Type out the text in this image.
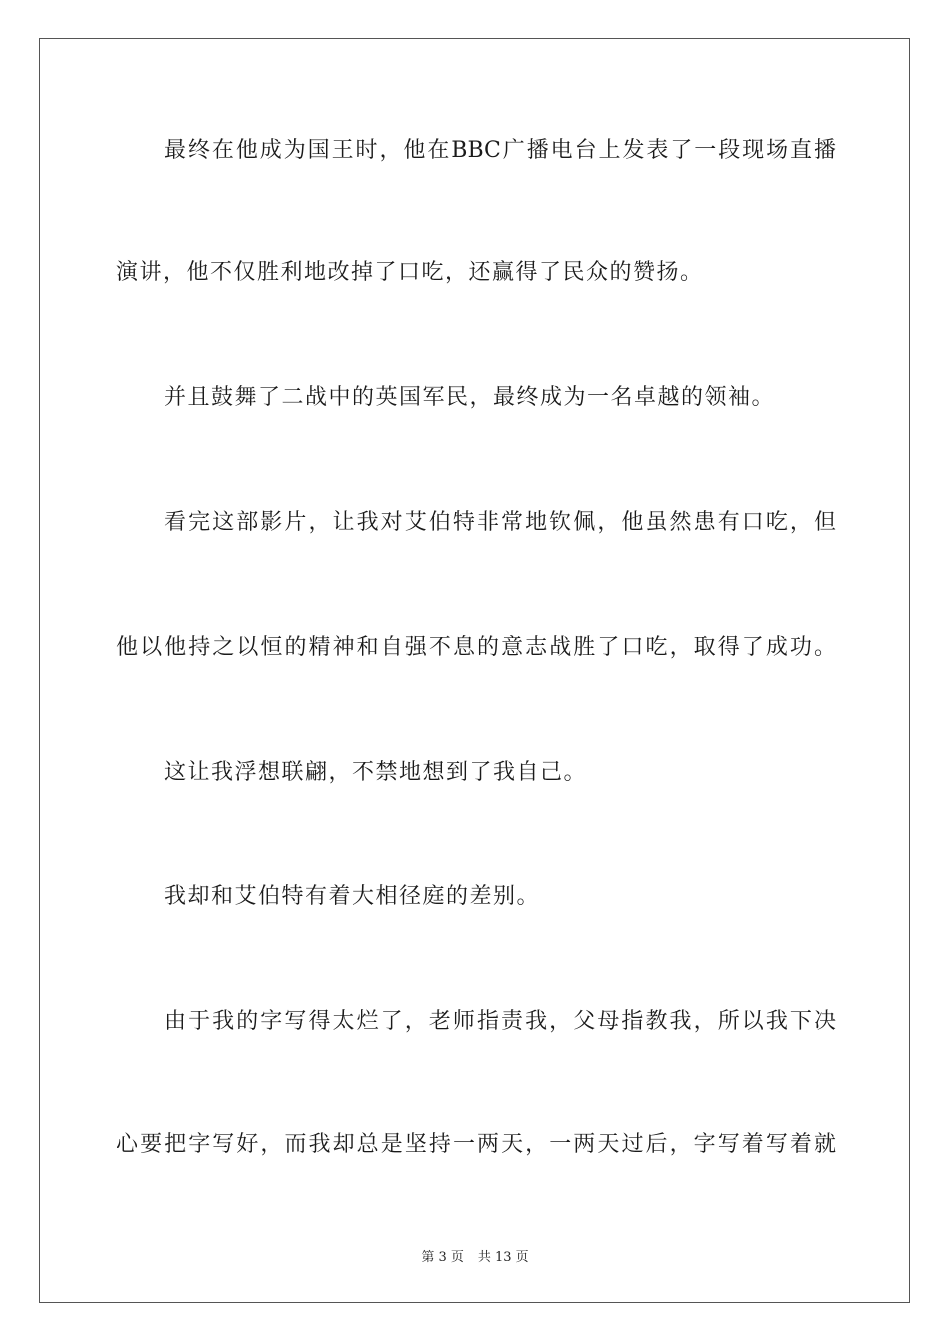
最终在他成为国王时，他在BBC广播电台上发表了一段现场直播
演讲，他不仅胜利地改掉了口吃，还赢得了民众的赞扬。
并且鼓舞了二战中的英国军民，最终成为一名卓越的领袖。
看完这部影片，让我对艾伯特非常地钦佩，他虽然患有口吃，但
他以他持之以恒的精神和自强不息的意志战胜了口吃，取得了成功。
这让我浮想联翩，不禁地想到了我自己。
我却和艾伯特有着大相径庭的差别。
由于我的字写得太烂了，老师指责我，父母指教我，所以我下决
心要把字写好，而我却总是坚持一两天，一两天过后，字写着写着就
第 3 页 共 13 页
